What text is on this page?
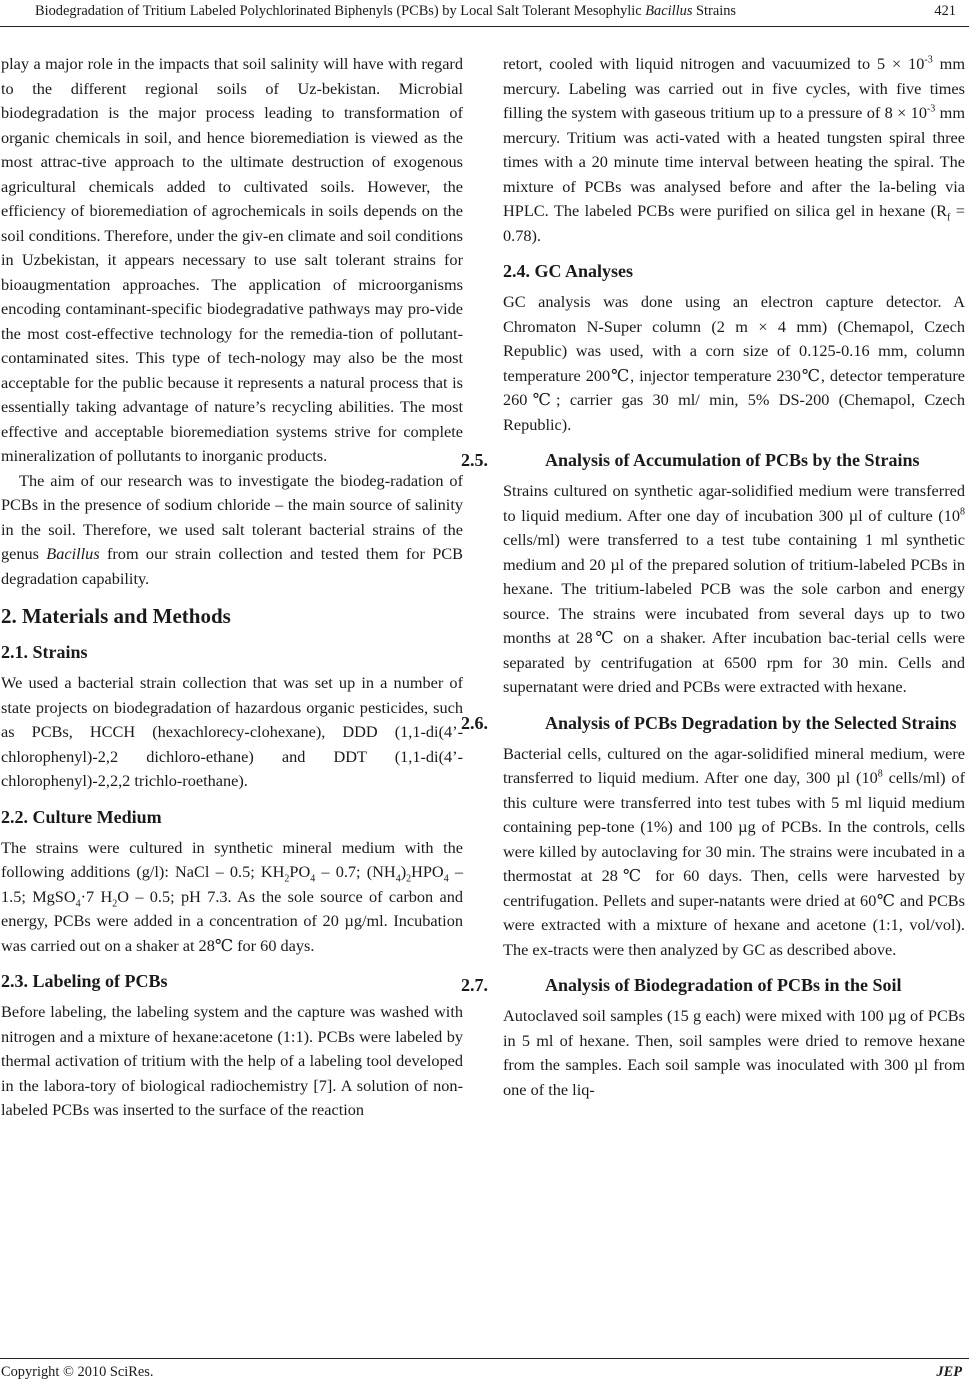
Biodegradation of Tritium Labeled Polychlorinated Biphenyls (PCBs) by Local Salt Tolerant Mesophylic Bacillus Strains	421

play a major role in the impacts that soil salinity will have with regard to the different regional soils of Uz-bekistan. Microbial biodegradation is the major process leading to transformation of organic chemicals in soil, and hence bioremediation is viewed as the most attrac-tive approach to the ultimate destruction of exogenous agricultural chemicals added to cultivated soils. However, the efficiency of bioremediation of agrochemicals in soils depends on the soil conditions. Therefore, under the giv-en climate and soil conditions in Uzbekistan, it appears necessary to use salt tolerant strains for bioaugmentation approaches. The application of microorganisms encoding contaminant-specific biodegradative pathways may pro-vide the most cost-effective technology for the remedia-tion of pollutant-contaminated sites. This type of tech-nology may also be the most acceptable for the public because it represents a natural process that is essentially taking advantage of nature’s recycling abilities. The most effective and acceptable bioremediation systems strive for complete mineralization of pollutants to inorganic products.

The aim of our research was to investigate the biodeg-radation of PCBs in the presence of sodium chloride – the main source of salinity in the soil. Therefore, we used salt tolerant bacterial strains of the genus Bacillus from our strain collection and tested them for PCB degradation capability.

2. Materials and Methods
2.1. Strains

We used a bacterial strain collection that was set up in a number of state projects on biodegradation of hazardous organic pesticides, such as PCBs, HCCH (hexachlorecy-clohexane), DDD (1,1-di(4’-chlorophenyl)-2,2 dichloro-ethane) and DDT (1,1-di(4’-chlorophenyl)-2,2,2 trichlo-roethane).

2.2. Culture Medium

The strains were cultured in synthetic mineral medium with the following additions (g/l): NaCl – 0.5; $KH_2PO_4 - 0.7$; $(NH_4)_2HPO_4 - 1.5$; MgSO$_4$·7 $H_2O - 0.5$; pH 7.3. As the sole source of carbon and energy, PCBs were added in a concentration of 20 µg/ml. Incubation was carried out on a shaker at 28℃ for 60 days.

2.3. Labeling of PCBs

Before labeling, the labeling system and the capture was washed with nitrogen and a mixture of hexane:acetone (1:1). PCBs were labeled by thermal activation of tritium with the help of a labeling tool developed in the labora-tory of biological radiochemistry [7]. A solution of non-labeled PCBs was inserted to the surface of the reaction

retort, cooled with liquid nitrogen and vacuumized to $5 \times 10^{-3}$ mm mercury. Labeling was carried out in five cycles, with five times filling the system with gaseous tritium up to a pressure of $8 \times 10^{-3}$ mm mercury. Tritium was acti-vated with a heated tungsten spiral three times with a 20 minute time interval between heating the spiral. The mixture of PCBs was analysed before and after the la-beling via HPLC. The labeled PCBs were purified on silica gel in hexane $(R_f = 0.78)$.

2.4. GC Analyses

GC analysis was done using an electron capture detector. A Chromaton N-Super column (2 m × 4 mm) (Chemapol, Czech Republic) was used, with a corn size of 0.125-0.16 mm, column temperature 200℃, injector temperature 230℃, detector temperature 260℃; carrier gas 30 ml/ min, 5% DS-200 (Chemapol, Czech Republic).

2.5.	Analysis of Accumulation of PCBs by the Strains

Strains cultured on synthetic agar-solidified medium were transferred to liquid medium. After one day of incubation 300 µl of culture ($10^8$ cells/ml) were transferred to a test tube containing 1 ml synthetic medium and 20 µl of the prepared solution of tritium-labeled PCBs in hexane. The tritium-labeled PCB was the sole carbon and energy source. The strains were incubated from several days up to two months at 28℃ on a shaker. After incubation bac-terial cells were separated by centrifugation at 6500 rpm for 30 min. Cells and supernatant were dried and PCBs were extracted with hexane.

2.6.	Analysis of PCBs Degradation by the Selected Strains

Bacterial cells, cultured on the agar-solidified mineral medium, were transferred to liquid medium. After one day, 300 µl ($10^8$ cells/ml) of this culture were transferred into test tubes with 5 ml liquid medium containing pep-tone (1%) and 100 µg of PCBs. In the controls, cells were killed by autoclaving for 30 min. The strains were incubated in a thermostat at 28℃ for 60 days. Then, cells were harvested by centrifugation. Pellets and super-natants were dried at 60℃ and PCBs were extracted with a mixture of hexane and acetone (1:1, vol/vol). The ex-tracts were then analyzed by GC as described above.

2.7.	Analysis of Biodegradation of PCBs in the Soil

Autoclaved soil samples (15 g each) were mixed with 100 µg of PCBs in 5 ml of hexane. Then, soil samples were dried to remove hexane from the samples. Each soil sample was inoculated with 300 µl from one of the liq-

Copyright © 2010 SciRes.	JEP
